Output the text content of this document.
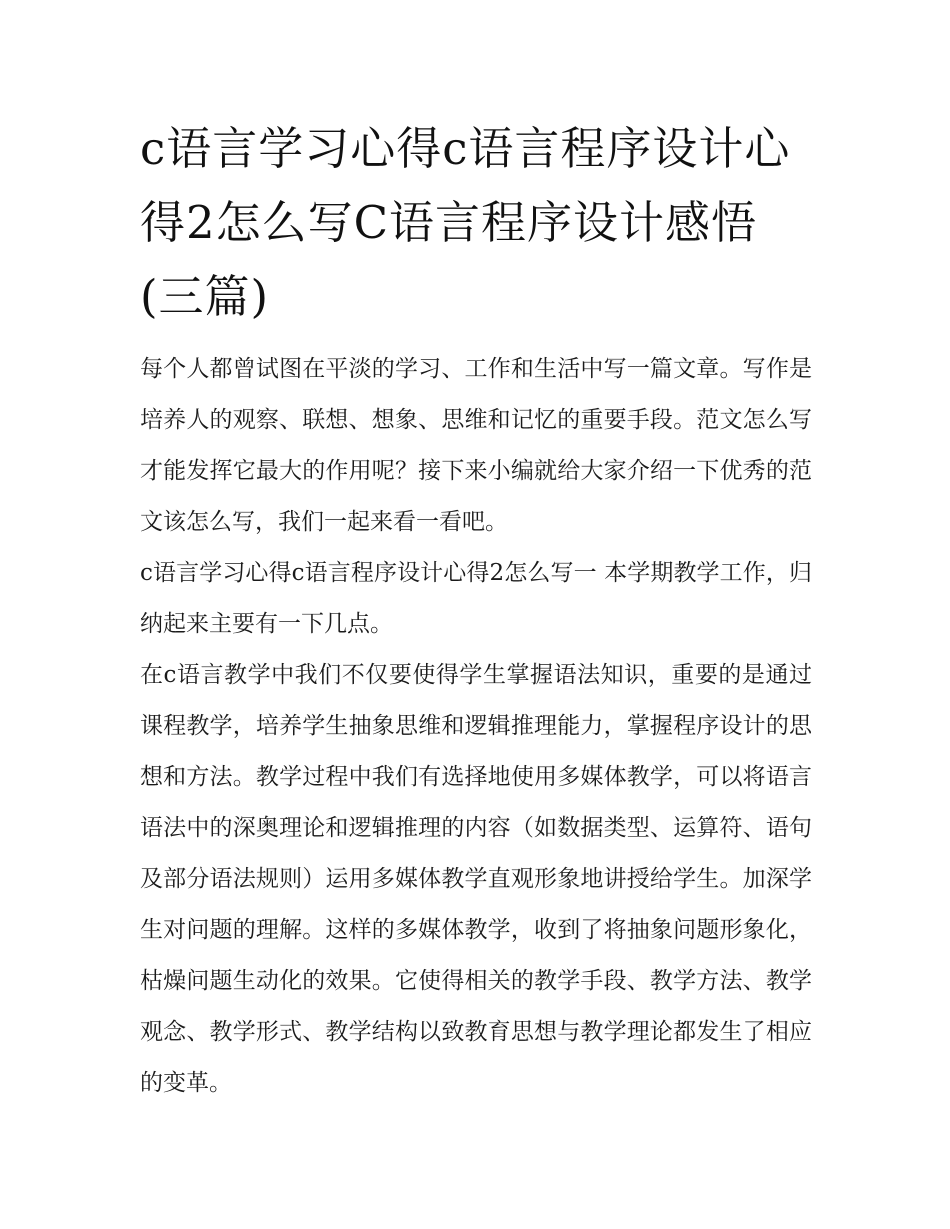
c语言学习心得c语言程序设计心得2怎么写C语言程序设计感悟(三篇)

每个人都曾试图在平淡的学习、工作和生活中写一篇文章。写作是培养人的观察、联想、想象、思维和记忆的重要手段。范文怎么写才能发挥它最大的作用呢？接下来小编就给大家介绍一下优秀的范文该怎么写，我们一起来看一看吧。

c语言学习心得c语言程序设计心得2怎么写一 本学期教学工作，归纳起来主要有一下几点。

在c语言教学中我们不仅要使得学生掌握语法知识，重要的是通过课程教学，培养学生抽象思维和逻辑推理能力，掌握程序设计的思想和方法。教学过程中我们有选择地使用多媒体教学，可以将语言语法中的深奥理论和逻辑推理的内容（如数据类型、运算符、语句及部分语法规则）运用多媒体教学直观形象地讲授给学生。加深学生对问题的理解。这样的多媒体教学，收到了将抽象问题形象化，枯燥问题生动化的效果。它使得相关的教学手段、教学方法、教学观念、教学形式、教学结构以致教育思想与教学理论都发生了相应的变革。
